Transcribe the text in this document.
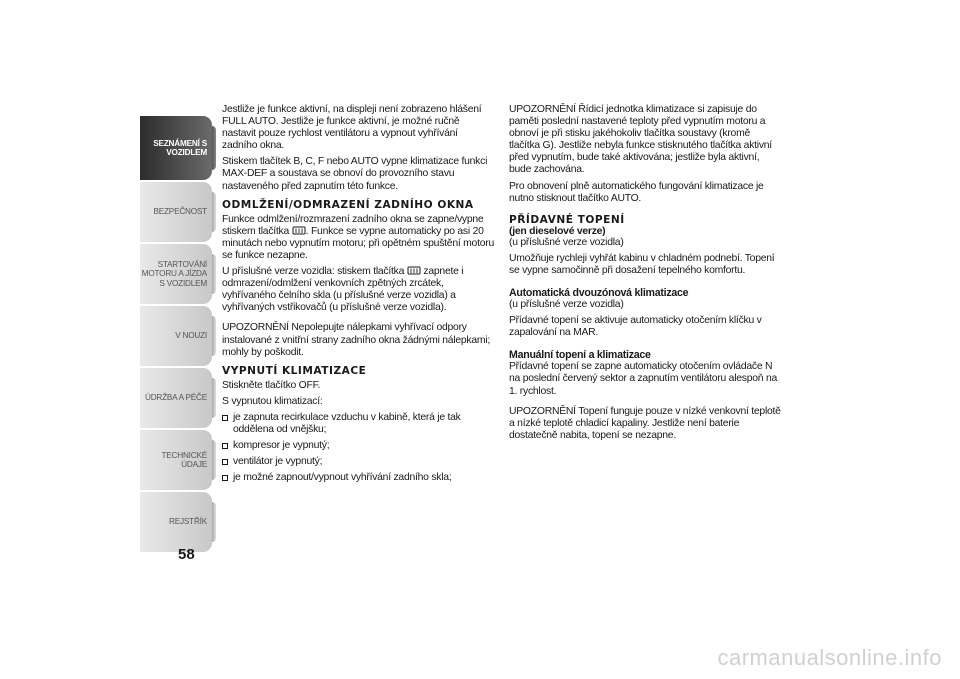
SEZNÁMENÍ S VOZIDLEM
BEZPEČNOST
STARTOVÁNÍ MOTORU A JÍZDA S VOZIDLEM
V NOUZI
ÚDRŽBA A PÉČE
TECHNICKÉ ÚDAJE
REJSTŘÍK
58

Jestliže je funkce aktivní, na displeji není zobrazeno hlášení FULL AUTO. Jestliže je funkce aktivní, je možné ručně nastavit pouze rychlost ventilátoru a vypnout vyhřívání zadního okna.

Stiskem tlačítek B, C, F nebo AUTO vypne klimatizace funkci MAX-DEF a soustava se obnoví do provozního stavu nastaveného před zapnutím této funkce.

ODMLŽENÍ/ODMRAZENÍ ZADNÍHO OKNA

Funkce odmlžení/rozmrazení zadního okna se zapne/vypne stiskem tlačítka . Funkce se vypne automaticky po asi 20 minutách nebo vypnutím motoru; při opětném spuštění motoru se funkce nezapne.

U příslušné verze vozidla: stiskem tlačítka zapnete i odmrazení/odmlžení venkovních zpětných zrcátek, vyhřívaného čelního skla (u příslušné verze vozidla) a vyhřívaných vstřikovačů (u příslušné verze vozidla).

UPOZORNĚNÍ Nepolepujte nálepkami vyhřívací odpory instalované z vnitřní strany zadního okna žádnými nálepkami; mohly by poškodit.

VYPNUTÍ KLIMATIZACE

Stiskněte tlačítko OFF.

S vypnutou klimatizací:

je zapnuta recirkulace vzduchu v kabině, která je tak oddělena od vnějšku;
kompresor je vypnutý;
ventilátor je vypnutý;
je možné zapnout/vypnout vyhřívání zadního skla;

UPOZORNĚNÍ Řídicí jednotka klimatizace si zapisuje do paměti poslední nastavené teploty před vypnutím motoru a obnoví je při stisku jakéhokoliv tlačítka soustavy (kromě tlačítka G). Jestliže nebyla funkce stisknutého tlačítka aktivní před vypnutím, bude také aktivována; jestliže byla aktivní, bude zachována.

Pro obnovení plně automatického fungování klimatizace je nutno stisknout tlačítko AUTO.

PŘÍDAVNÉ TOPENÍ
(jen dieselové verze)

(u příslušné verze vozidla)

Umožňuje rychleji vyhřát kabinu v chladném podnebí. Topení se vypne samočinně při dosažení tepelného komfortu.

Automatická dvouzónová klimatizace

(u příslušné verze vozidla)

Přídavné topení se aktivuje automaticky otočením klíčku v zapalování na MAR.

Manuální topení a klimatizace

Přídavné topení se zapne automaticky otočením ovládače N na poslední červený sektor a zapnutím ventilátoru alespoň na 1. rychlost.

UPOZORNĚNÍ Topení funguje pouze v nízké venkovní teplotě a nízké teplotě chladicí kapaliny. Jestliže není baterie dostatečně nabita, topení se nezapne.

carmanualsonline.info
